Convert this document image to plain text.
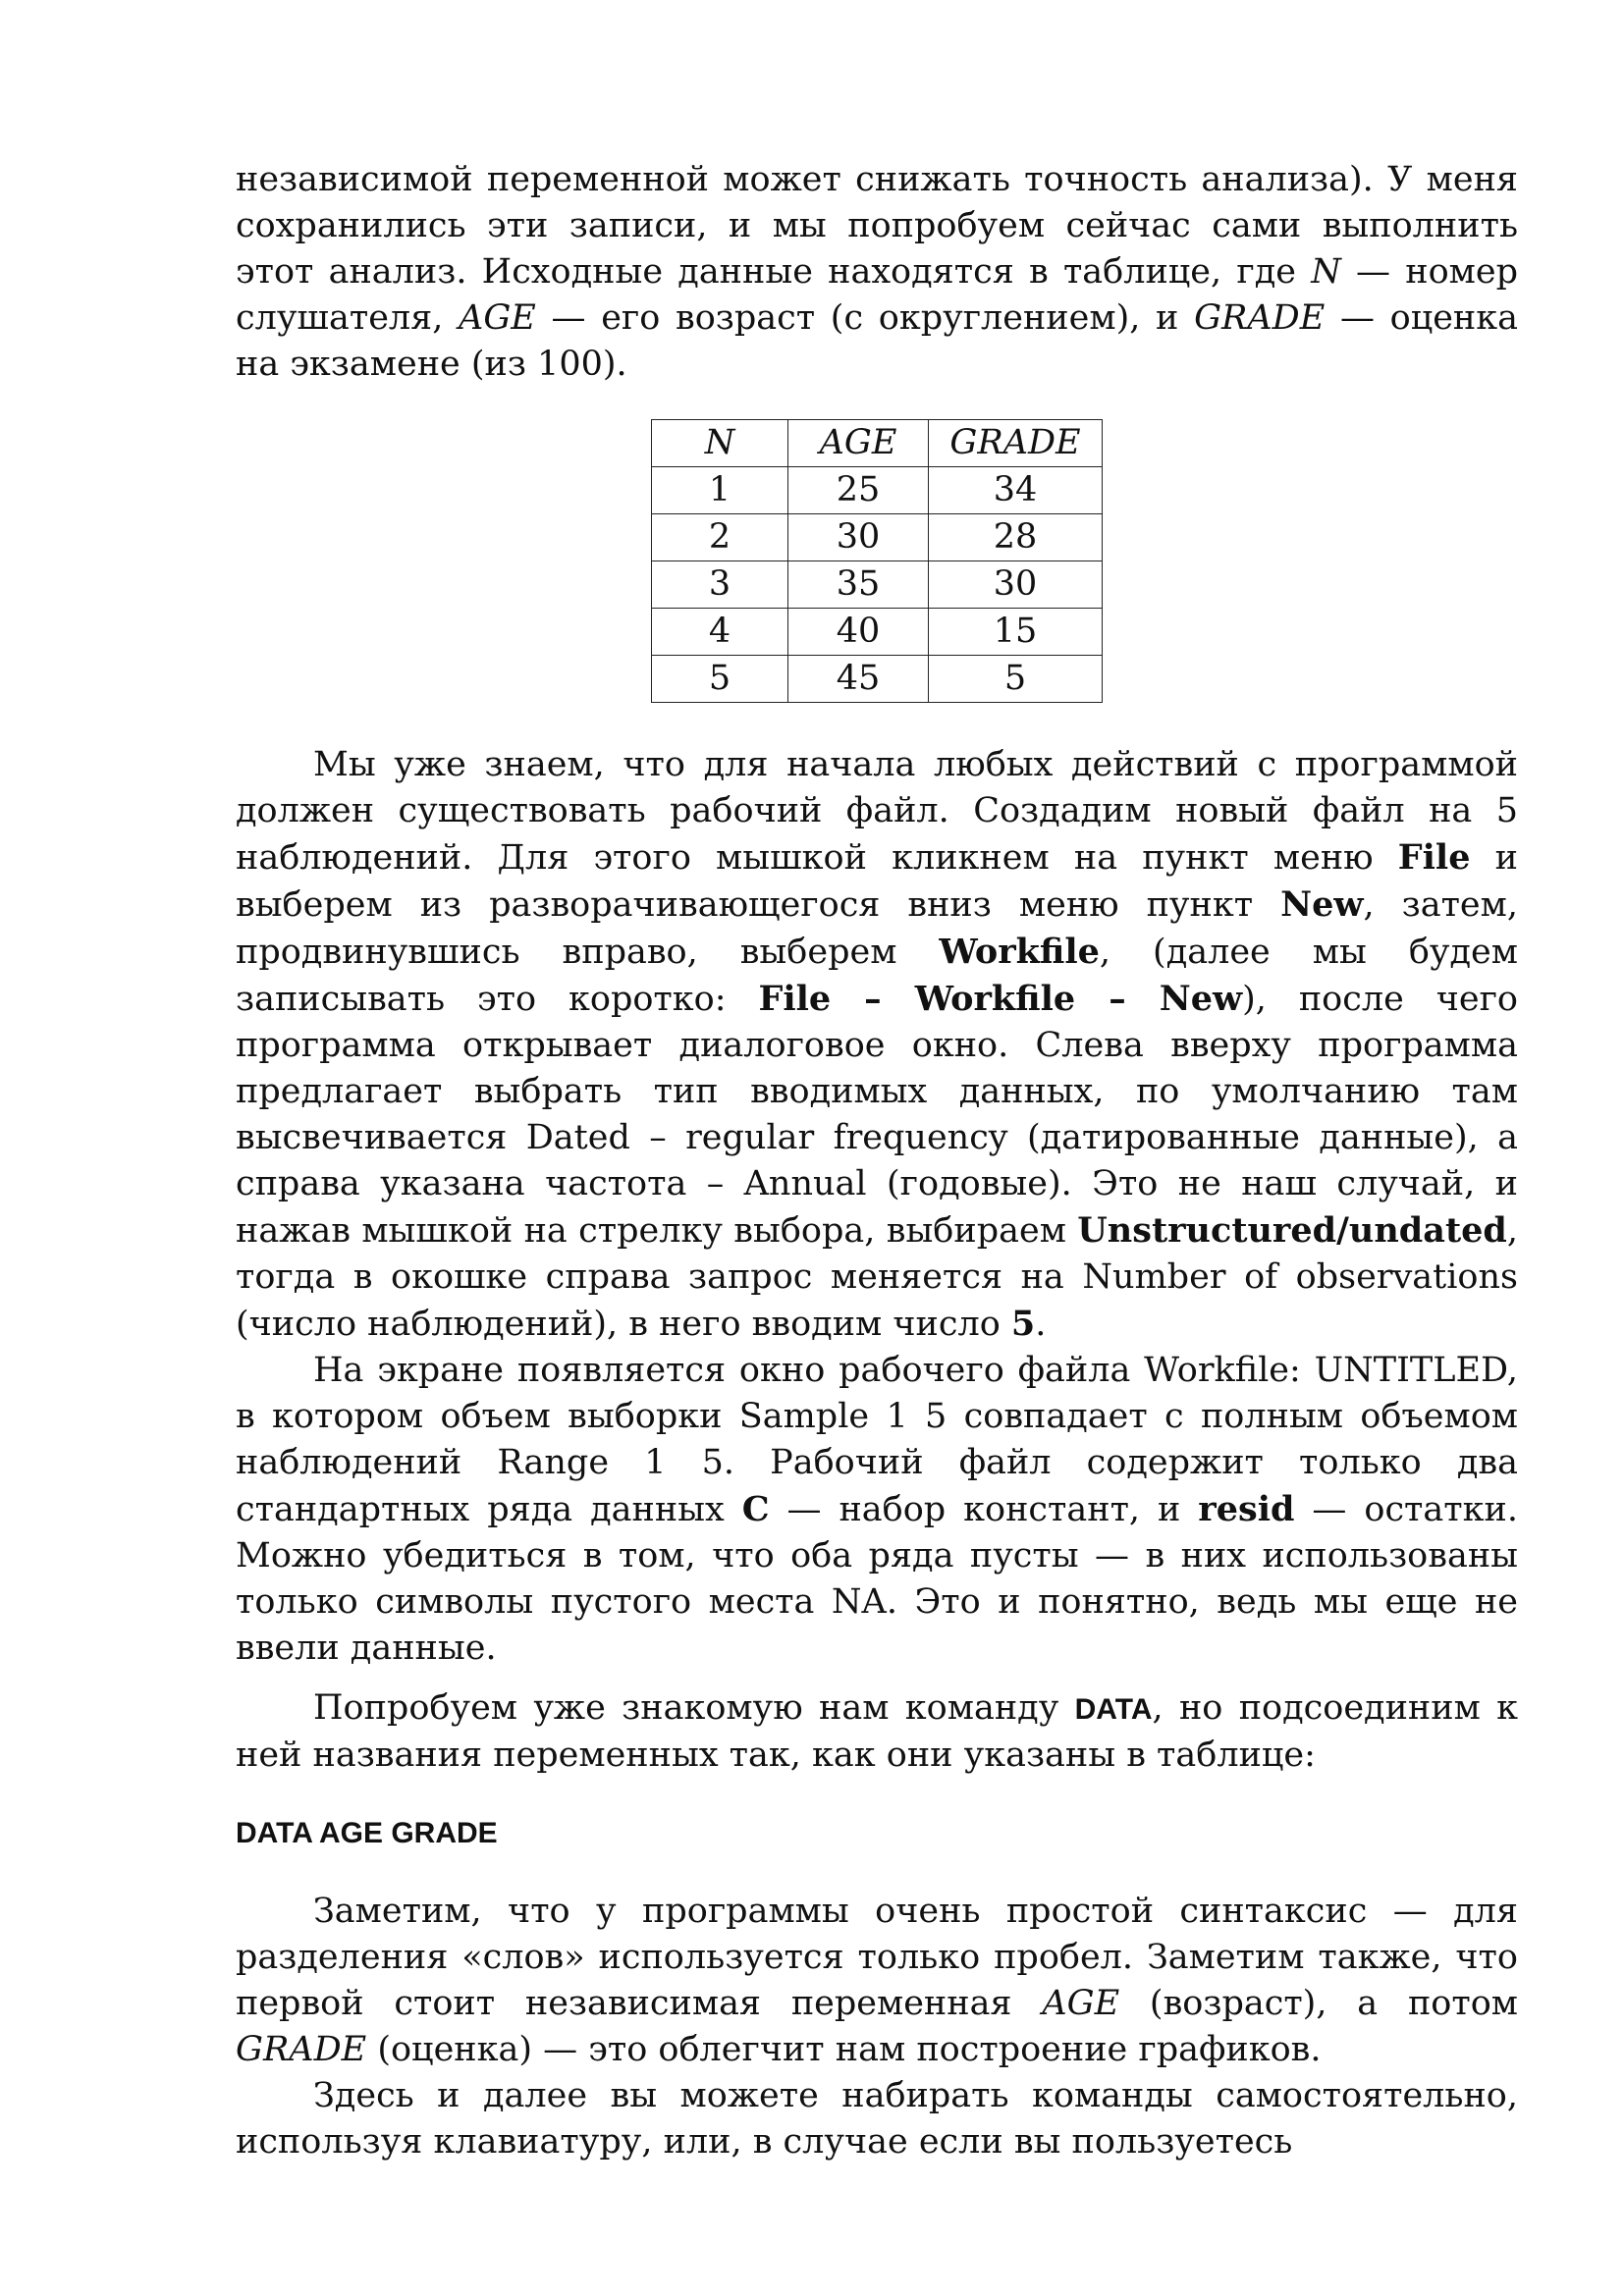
независимой переменной может снижать точность анализа). У меня сохранились эти записи, и мы попробуем сейчас сами выполнить этот анализ. Исходные данные находятся в таблице, где N — номер слушателя, AGE — его возраст (с округлением), и GRADE — оценка на экзамене (из 100).

N	AGE	GRADE
1	25	34
2	30	28
3	35	30
4	40	15
5	45	5

Мы уже знаем, что для начала любых действий с программой должен существовать рабочий файл. Создадим новый файл на 5 наблюдений. Для этого мышкой кликнем на пункт меню File и выберем из разворачивающегося вниз меню пункт New, затем, продвинувшись вправо, выберем Workfile, (далее мы будем записывать это коротко: File – Workfile – New), после чего программа открывает диалоговое окно. Слева вверху программа предлагает выбрать тип вводимых данных, по умолчанию там высвечивается Dated – regular frequency (датированные данные), а справа указана частота – Annual (годовые). Это не наш случай, и нажав мышкой на стрелку выбора, выбираем Unstructured/undated, тогда в окошке справа запрос меняется на Number of observations (число наблюдений), в него вводим число 5.

На экране появляется окно рабочего файла Workfile: UNTITLED, в котором объем выборки Sample 1 5 совпадает с полным объемом наблюдений Range 1 5. Рабочий файл содержит только два стандартных ряда данных C — набор констант, и resid — остатки. Можно убедиться в том, что оба ряда пусты — в них использованы только символы пустого места NA. Это и понятно, ведь мы еще не ввели данные.

Попробуем уже знакомую нам команду DATA, но подсоединим к ней названия переменных так, как они указаны в таблице:

DATA AGE GRADE

Заметим, что у программы очень простой синтаксис — для разделения «слов» используется только пробел. Заметим также, что первой стоит независимая переменная AGE (возраст), а потом GRADE (оценка) — это облегчит нам построение графиков.

Здесь и далее вы можете набирать команды самостоятельно, используя клавиатуру, или, в случае если вы пользуетесь
